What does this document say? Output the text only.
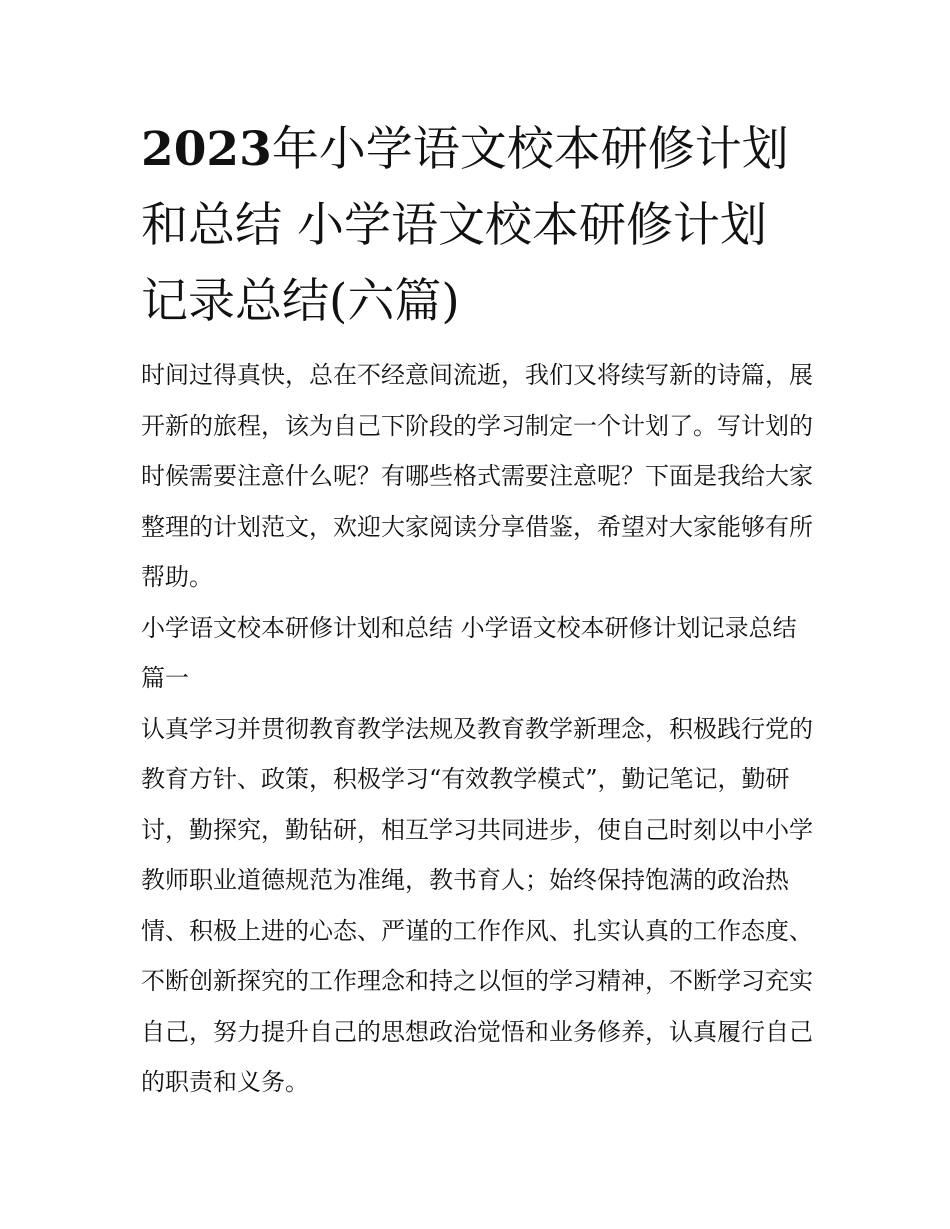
2023年小学语文校本研修计划和总结 小学语文校本研修计划记录总结(六篇)

时间过得真快，总在不经意间流逝，我们又将续写新的诗篇，展开新的旅程，该为自己下阶段的学习制定一个计划了。写计划的时候需要注意什么呢？有哪些格式需要注意呢？下面是我给大家整理的计划范文，欢迎大家阅读分享借鉴，希望对大家能够有所帮助。

小学语文校本研修计划和总结 小学语文校本研修计划记录总结篇一

认真学习并贯彻教育教学法规及教育教学新理念，积极践行党的教育方针、政策，积极学习“有效教学模式”，勤记笔记，勤研讨，勤探究，勤钻研，相互学习共同进步，使自己时刻以中小学教师职业道德规范为准绳，教书育人；始终保持饱满的政治热情、积极上进的心态、严谨的工作作风、扎实认真的工作态度、不断创新探究的工作理念和持之以恒的学习精神，不断学习充实自己，努力提升自己的思想政治觉悟和业务修养，认真履行自己的职责和义务。
